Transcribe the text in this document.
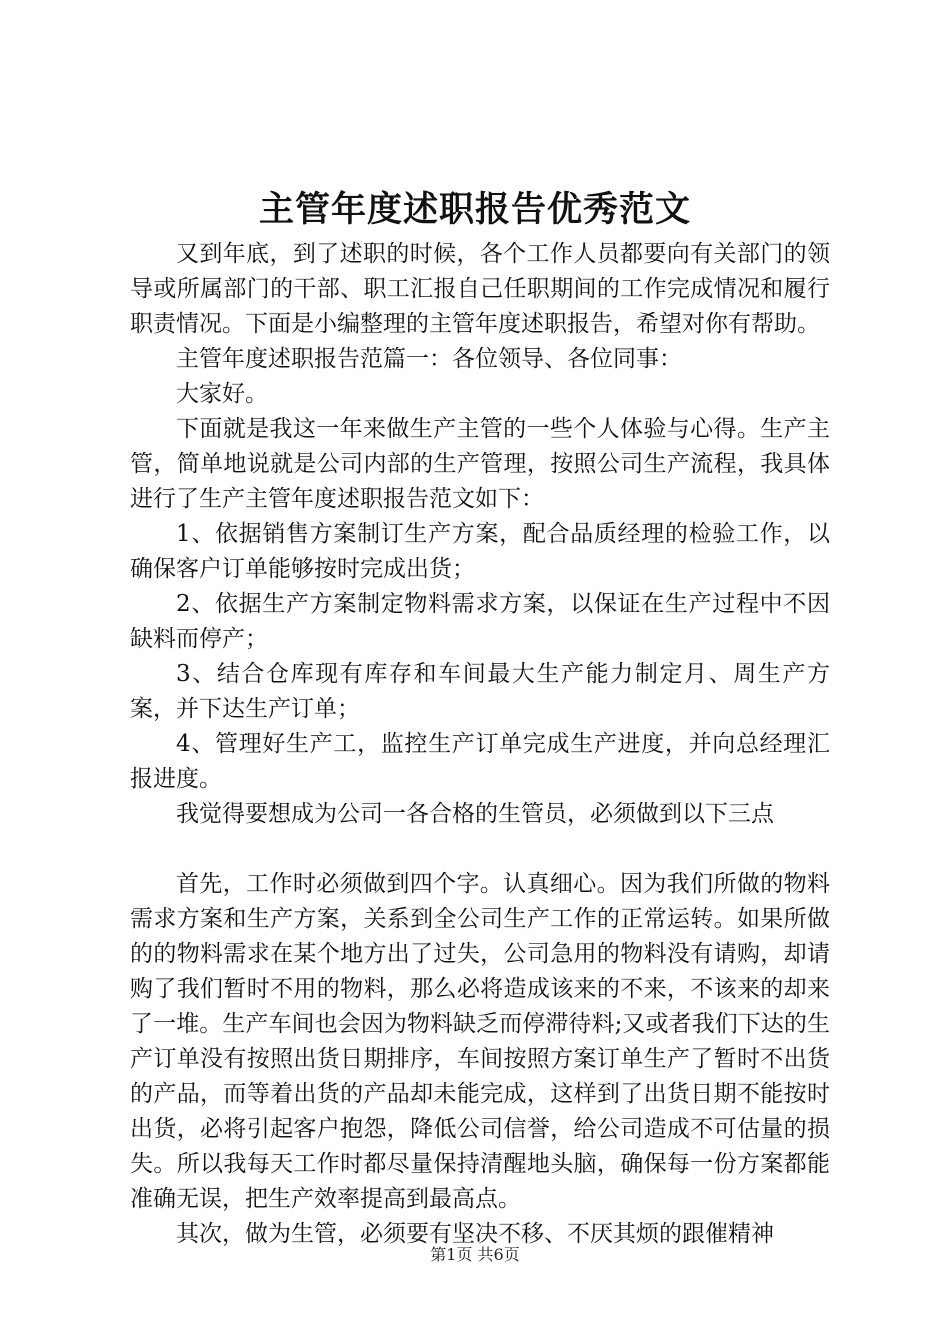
主管年度述职报告优秀范文

又到年底，到了述职的时候，各个工作人员都要向有关部门的领导或所属部门的干部、职工汇报自己任职期间的工作完成情况和履行职责情况。下面是小编整理的主管年度述职报告，希望对你有帮助。

主管年度述职报告范篇一：各位领导、各位同事：

大家好。

下面就是我这一年来做生产主管的一些个人体验与心得。生产主管，简单地说就是公司内部的生产管理，按照公司生产流程，我具体进行了生产主管年度述职报告范文如下：

1、依据销售方案制订生产方案，配合品质经理的检验工作，以确保客户订单能够按时完成出货；

2、依据生产方案制定物料需求方案，以保证在生产过程中不因缺料而停产；

3、结合仓库现有库存和车间最大生产能力制定月、周生产方案，并下达生产订单；

4、管理好生产工，监控生产订单完成生产进度，并向总经理汇报进度。

我觉得要想成为公司一各合格的生管员，必须做到以下三点

首先，工作时必须做到四个字。认真细心。因为我们所做的物料需求方案和生产方案，关系到全公司生产工作的正常运转。如果所做的的物料需求在某个地方出了过失，公司急用的物料没有请购，却请购了我们暂时不用的物料，那么必将造成该来的不来，不该来的却来了一堆。生产车间也会因为物料缺乏而停滞待料;又或者我们下达的生产订单没有按照出货日期排序，车间按照方案订单生产了暂时不出货的产品，而等着出货的产品却未能完成，这样到了出货日期不能按时出货，必将引起客户抱怨，降低公司信誉，给公司造成不可估量的损失。所以我每天工作时都尽量保持清醒地头脑，确保每一份方案都能准确无误，把生产效率提高到最高点。

其次，做为生管，必须要有坚决不移、不厌其烦的跟催精神

第1页 共6页
